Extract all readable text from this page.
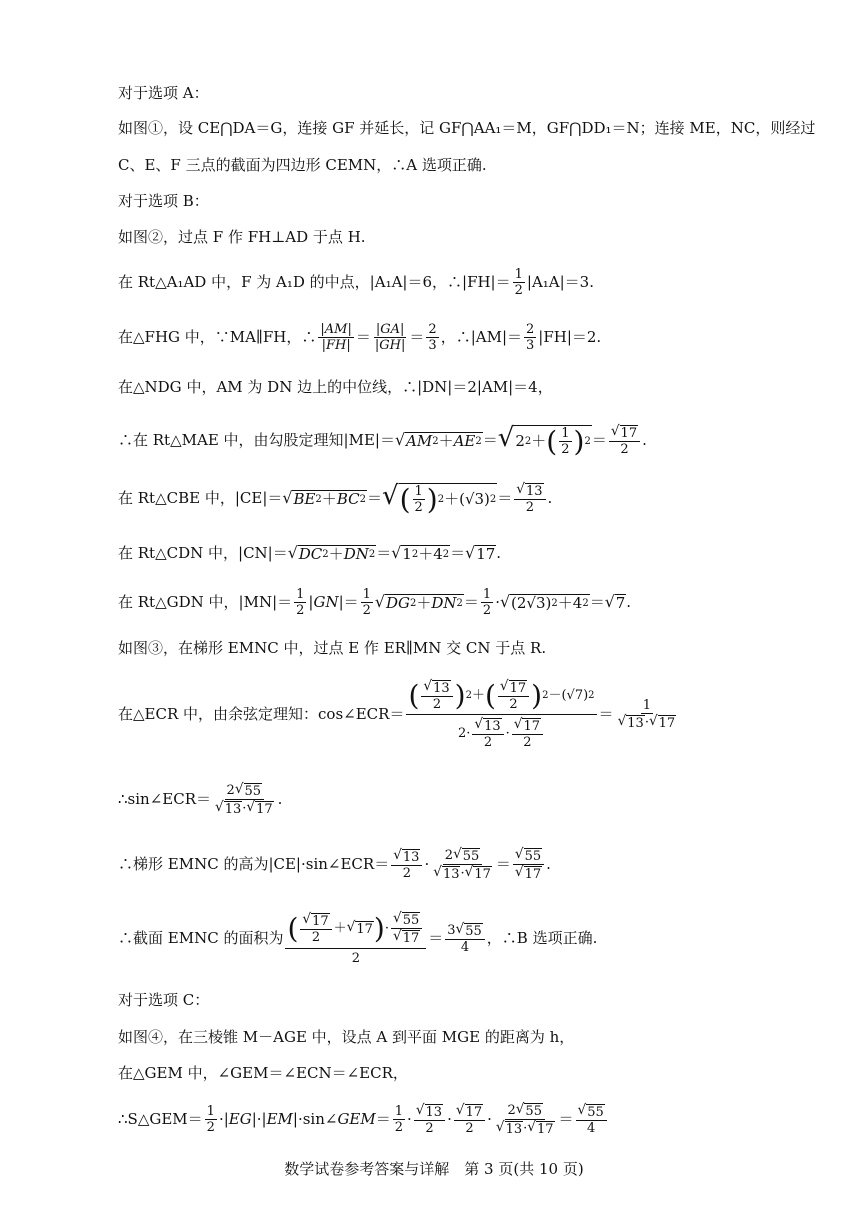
对于选项 A：
如图①，设 CE⋂DA＝G，连接 GF 并延长，记 GF⋂AA₁＝M，GF⋂DD₁＝N；连接 ME，NC，则经过
C、E、F 三点的截面为四边形 CEMN，∴A 选项正确.
对于选项 B：
如图②，过点 F 作 FH⊥AD 于点 H.
在 Rt△A₁AD 中，F 为 A₁D 的中点，|A₁A|＝6，∴|FH|＝ $\frac{1}{2} |A_1A|=3$.
在△FHG 中，∵MA∥FH，∴ $\frac{| AM |}{| FH |} = \frac{| GA |}{| GH |} = \frac{2}{3}$ ，∴|AM|＝ $\frac{2}{3} |FH|=2$.
在△NDG 中，AM 为 DN 边上的中位线，∴|DN|＝2|AM|＝4，
∴在 Rt△MAE 中，由勾股定理知|ME|＝ √ AM 2 ＋ AE 2 ＝ √ 2 2 ＋ ( $\frac{1}{2}$ ) $2 = \frac{√ 17}{2}$ .
在 Rt△CBE 中，|CE|＝ √ BE 2 ＋ BC 2 ＝ √ ( $\frac{1}{2}$ ) 2 ＋(√3) $2 = \frac{√ 13}{2}$ .
在 Rt△CDN 中，|CN|＝ √ DC 2 ＋ DN 2 ＝ √ 1 2 ＋4 2 ＝ √ 17 .
在 Rt△GDN 中，$|MN|= \frac{1}{2} |GN|= \frac{1}{2}$ √ DG 2 ＋ DN $2 = \frac{1}{2}$ · √ (2√3) 2 ＋4 2 ＝ √ 7 .
如图③，在梯形 EMNC 中，过点 E 作 ER∥MN 交 CN 于点 R.
在△ECR 中，由余弦定理知：cos∠ECR＝ $\frac{( \frac{√ 13}{2} ) 2 + ( \frac{√ 17}{2} ) 2 -(√7) 2}{2\cdot \frac{√ 13}{2} \cdot \frac{√ 17}{2}} = \frac{1}{√ 13 \cdot √ 17}$
∴sin∠ECR＝ $\frac{2 √ 55}{√ 13 \cdot √ 17}$ .
∴梯形 EMNC 的高为|CE|·sin∠ECR＝ $\frac{√ 13}{2} \cdot \frac{2 √ 55}{√ 13 \cdot √ 17} = \frac{√ 55}{√ 17}$ .
∴截面 EMNC 的面积为 $\frac{( \frac{√ 17}{2} + √ 17 ) \cdot \frac{√ 55}{√ 17}}{2} = \frac{3 √ 55}{4}$ ，∴B 选项正确.
对于选项 C：
如图④，在三棱锥 M－AGE 中，设点 A 到平面 MGE 的距离为 h，
在△GEM 中，∠GEM＝∠ECN＝∠ECR，
∴S△GEM＝ $\frac{1}{2}$ ·|EG|·|EM|·sin∠GEM＝ $\frac{1}{2} \cdot \frac{√ 13}{2} \cdot \frac{√ 17}{2} \cdot \frac{2 √ 55}{√ 13 \cdot √ 17} = \frac{√ 55}{4}$
数学试卷参考答案与详解　第 3 页(共 10 页)
